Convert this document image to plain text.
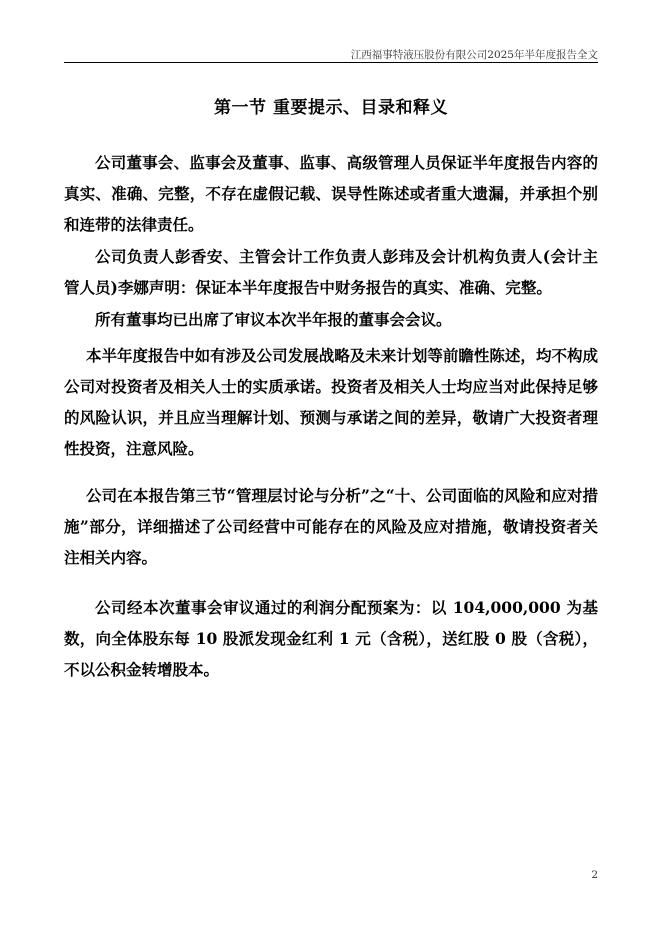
江西福事特液压股份有限公司2025年半年度报告全文
第一节 重要提示、目录和释义
公司董事会、监事会及董事、监事、高级管理人员保证半年度报告内容的真实、准确、完整，不存在虚假记载、误导性陈述或者重大遗漏，并承担个别和连带的法律责任。
公司负责人彭香安、主管会计工作负责人彭玮及会计机构负责人(会计主管人员)李娜声明：保证本半年度报告中财务报告的真实、准确、完整。
所有董事均已出席了审议本次半年报的董事会会议。
本半年度报告中如有涉及公司发展战略及未来计划等前瞻性陈述，均不构成公司对投资者及相关人士的实质承诺。投资者及相关人士均应当对此保持足够的风险认识，并且应当理解计划、预测与承诺之间的差异，敬请广大投资者理性投资，注意风险。
公司在本报告第三节“管理层讨论与分析”之“十、公司面临的风险和应对措施”部分，详细描述了公司经营中可能存在的风险及应对措施，敬请投资者关注相关内容。
公司经本次董事会审议通过的利润分配预案为：以 104,000,000 为基数，向全体股东每 10 股派发现金红利 1 元（含税），送红股 0 股（含税），不以公积金转增股本。
2
